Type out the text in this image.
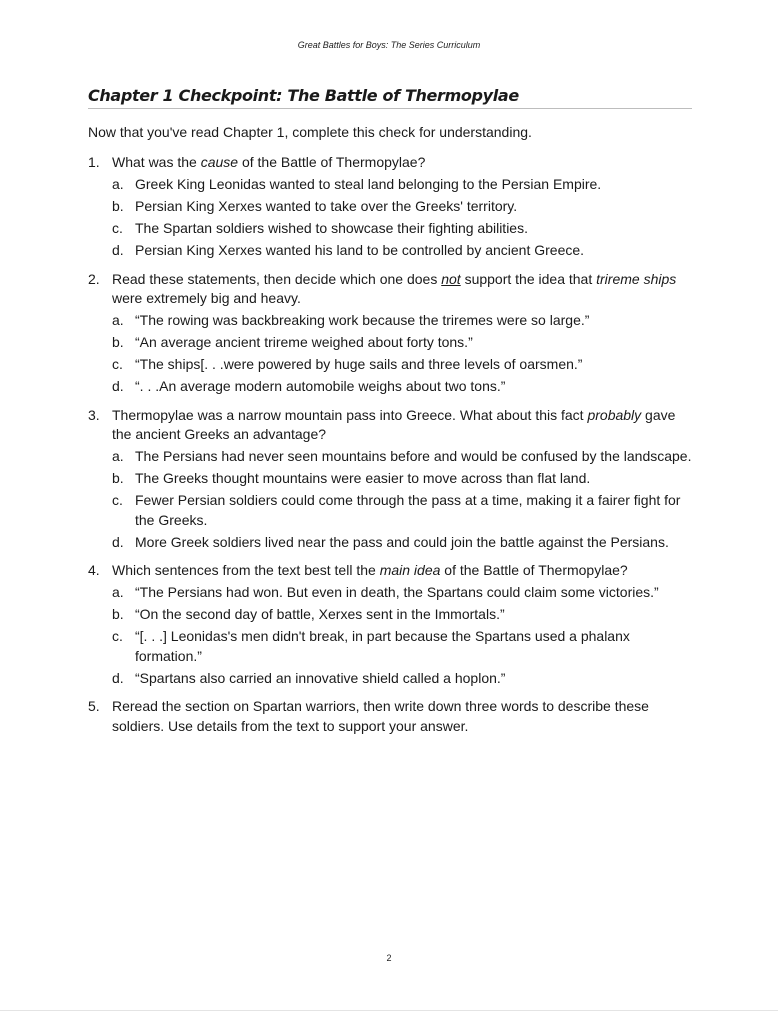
Great Battles for Boys: The Series Curriculum
Chapter 1 Checkpoint: The Battle of Thermopylae

Now that you've read Chapter 1, complete this check for understanding.

1. What was the cause of the Battle of Thermopylae?
a. Greek King Leonidas wanted to steal land belonging to the Persian Empire.
b. Persian King Xerxes wanted to take over the Greeks' territory.
c. The Spartan soldiers wished to showcase their fighting abilities.
d. Persian King Xerxes wanted his land to be controlled by ancient Greece.
2. Read these statements, then decide which one does not support the idea that trireme ships were extremely big and heavy.
a. “The rowing was backbreaking work because the triremes were so large.”
b. “An average ancient trireme weighed about forty tons.”
c. “The ships[. . .were powered by huge sails and three levels of oarsmen.”
d. “. . .An average modern automobile weighs about two tons.”
3. Thermopylae was a narrow mountain pass into Greece. What about this fact probably gave the ancient Greeks an advantage?
a. The Persians had never seen mountains before and would be confused by the landscape.
b. The Greeks thought mountains were easier to move across than flat land.
c. Fewer Persian soldiers could come through the pass at a time, making it a fairer fight for the Greeks.
d. More Greek soldiers lived near the pass and could join the battle against the Persians.
4. Which sentences from the text best tell the main idea of the Battle of Thermopylae?
a. “The Persians had won. But even in death, the Spartans could claim some victories.”
b. “On the second day of battle, Xerxes sent in the Immortals.”
c. “[. . .] Leonidas's men didn't break, in part because the Spartans used a phalanx formation.”
d. “Spartans also carried an innovative shield called a hoplon.”
5. Reread the section on Spartan warriors, then write down three words to describe these soldiers. Use details from the text to support your answer.
2
